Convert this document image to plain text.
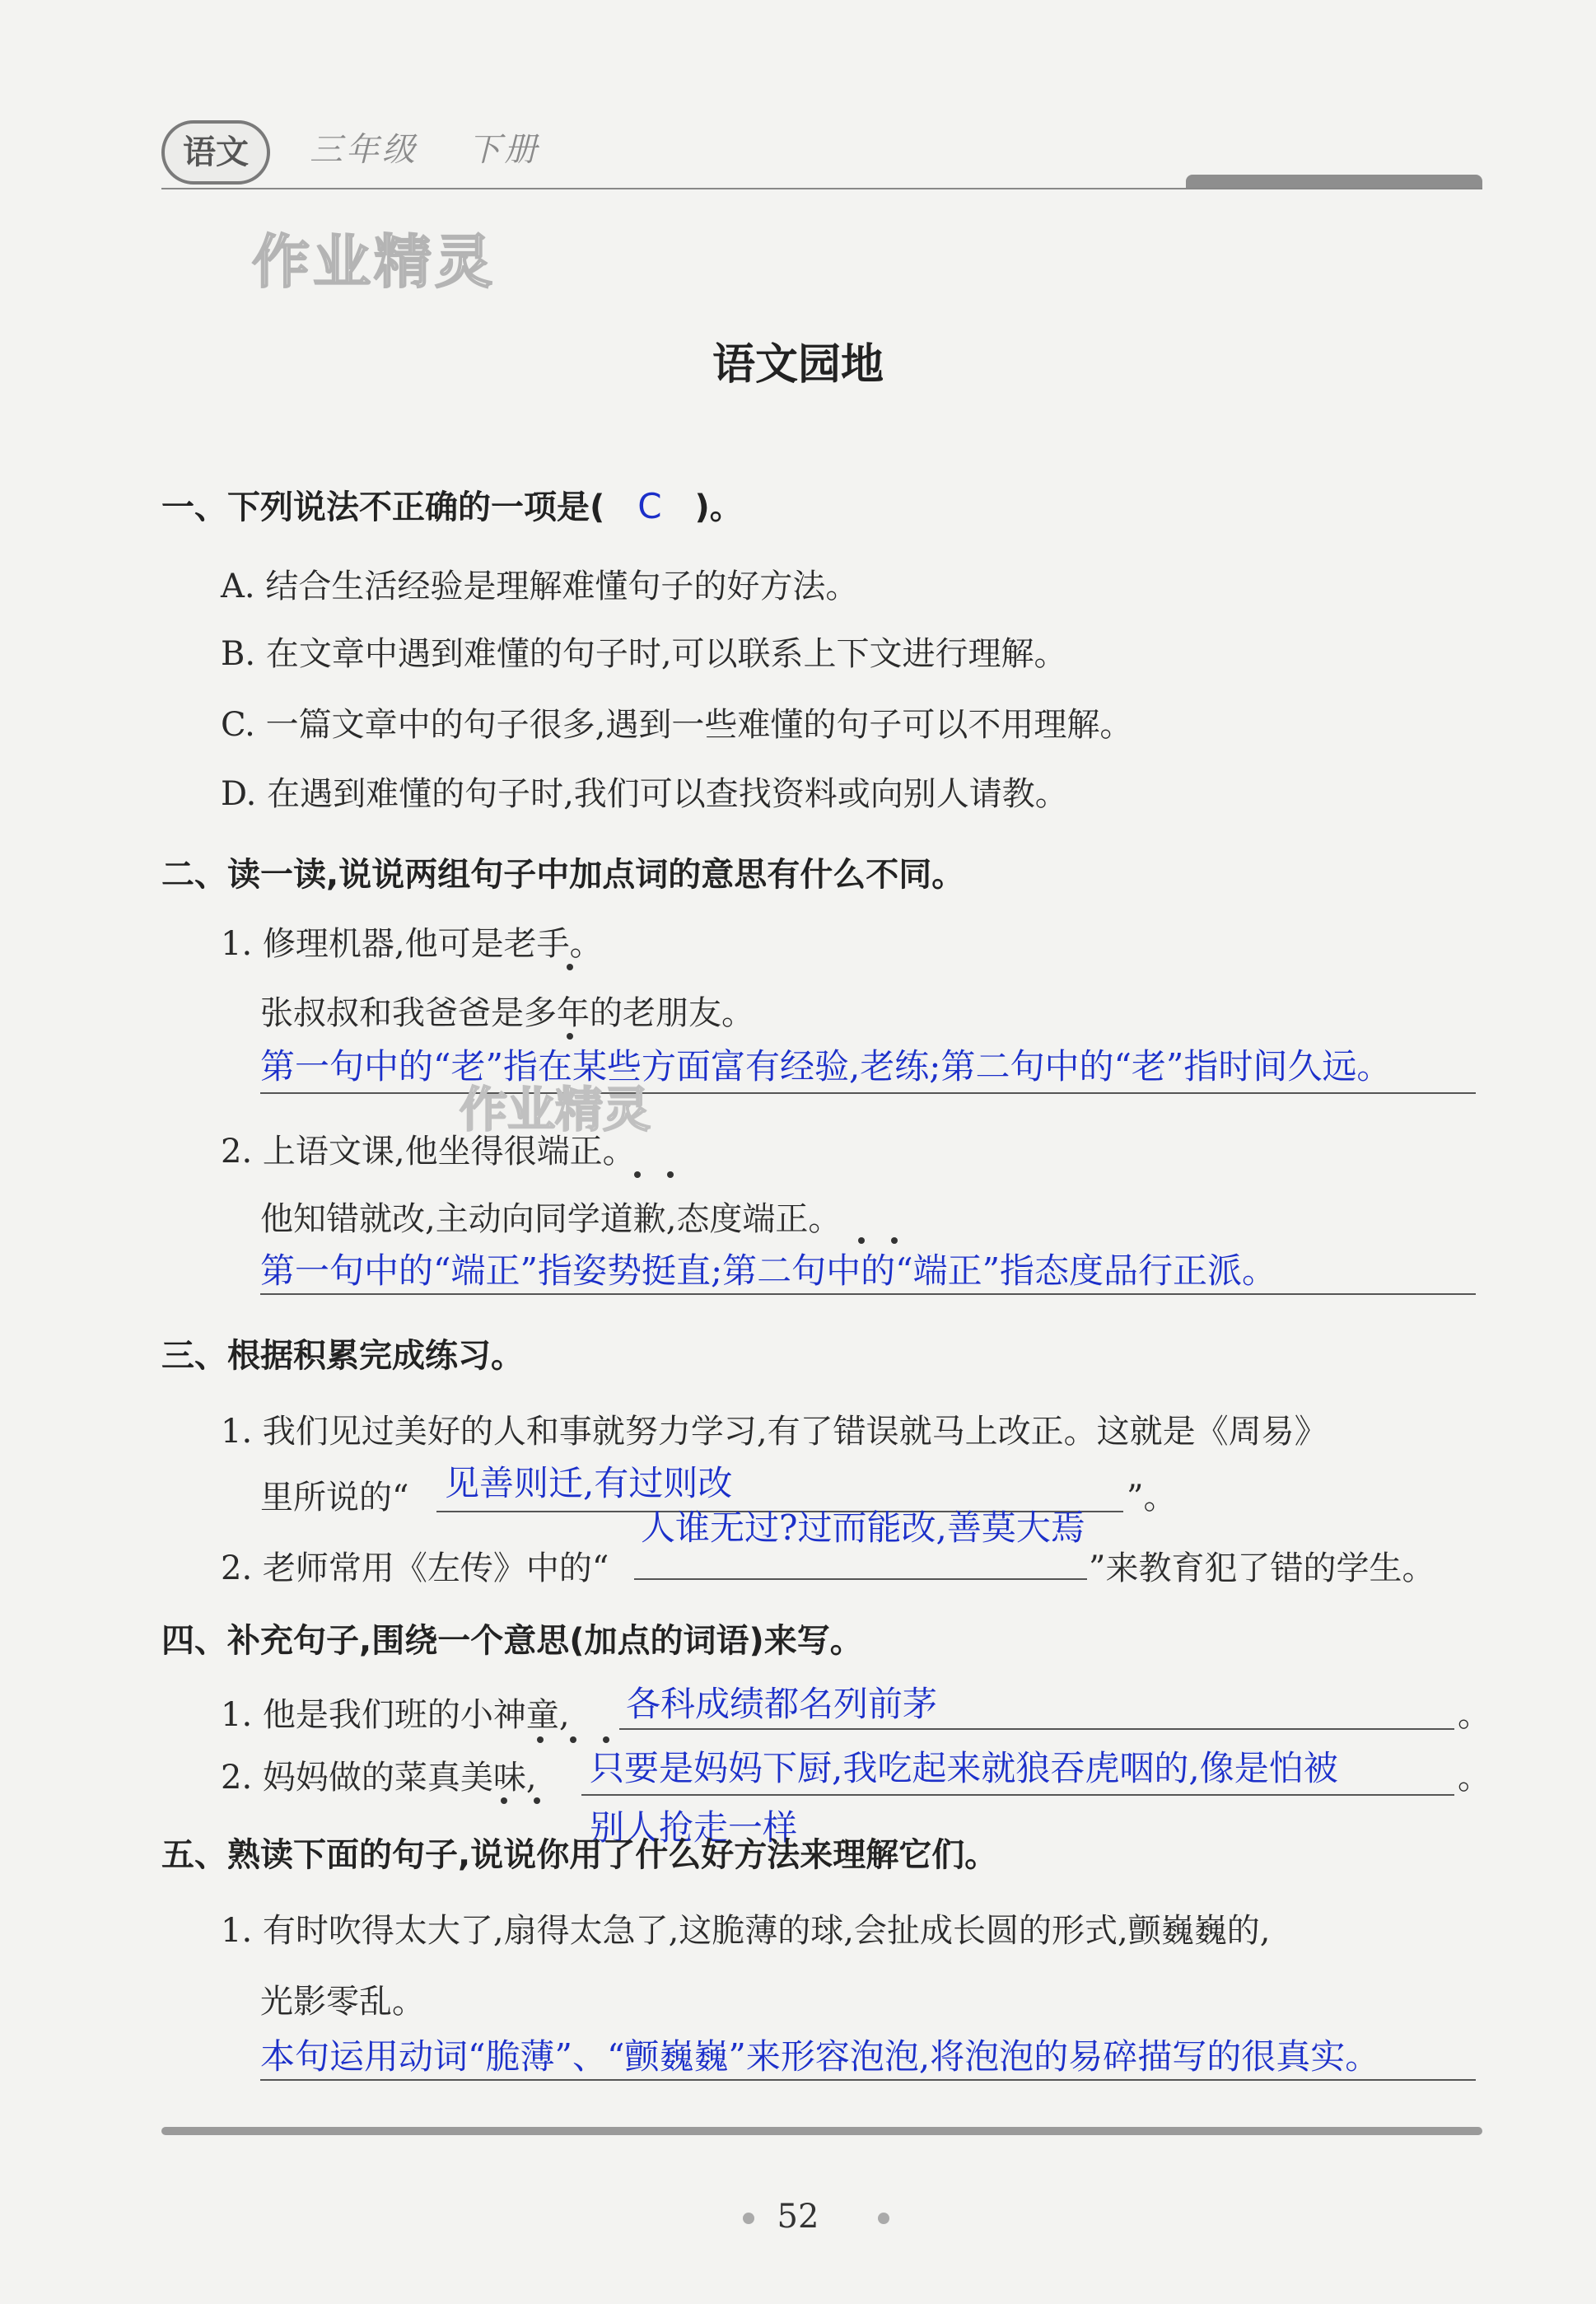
语文	三年级 下册
作业精灵
语文园地
一、下列说法不正确的一项是( C )。
A. 结合生活经验是理解难懂句子的好方法。
B. 在文章中遇到难懂的句子时,可以联系上下文进行理解。
C. 一篇文章中的句子很多,遇到一些难懂的句子可以不用理解。
D. 在遇到难懂的句子时,我们可以查找资料或向别人请教。
二、读一读,说说两组句子中加点词的意思有什么不同。
1. 修理机器,他可是老手。
张叔叔和我爸爸是多年的老朋友。
第一句中的“老”指在某些方面富有经验,老练;第二句中的“老”指时间久远。
作业精灵
2. 上语文课,他坐得很端正。
他知错就改,主动向同学道歉,态度端正。
第一句中的“端正”指姿势挺直;第二句中的“端正”指态度品行正派。
三、根据积累完成练习。
1. 我们见过美好的人和事就努力学习,有了错误就马上改正。这就是《周易》
里所说的“ 见善则迁,有过则改	”。
人谁无过?过而能改,善莫大焉
2. 老师常用《左传》中的“	”来教育犯了错的学生。
四、补充句子,围绕一个意思(加点的词语)来写。
1. 他是我们班的小神童, 各科成绩都名列前茅	。
2. 妈妈做的菜真美味, 只要是妈妈下厨,我吃起来就狼吞虎咽的,像是怕被	。
别人抢走一样
五、熟读下面的句子,说说你用了什么好方法来理解它们。
1. 有时吹得太大了,扇得太急了,这脆薄的球,会扯成长圆的形式,颤巍巍的,
光影零乱。
本句运用动词“脆薄”、“颤巍巍”来形容泡泡,将泡泡的易碎描写的很真实。
52
